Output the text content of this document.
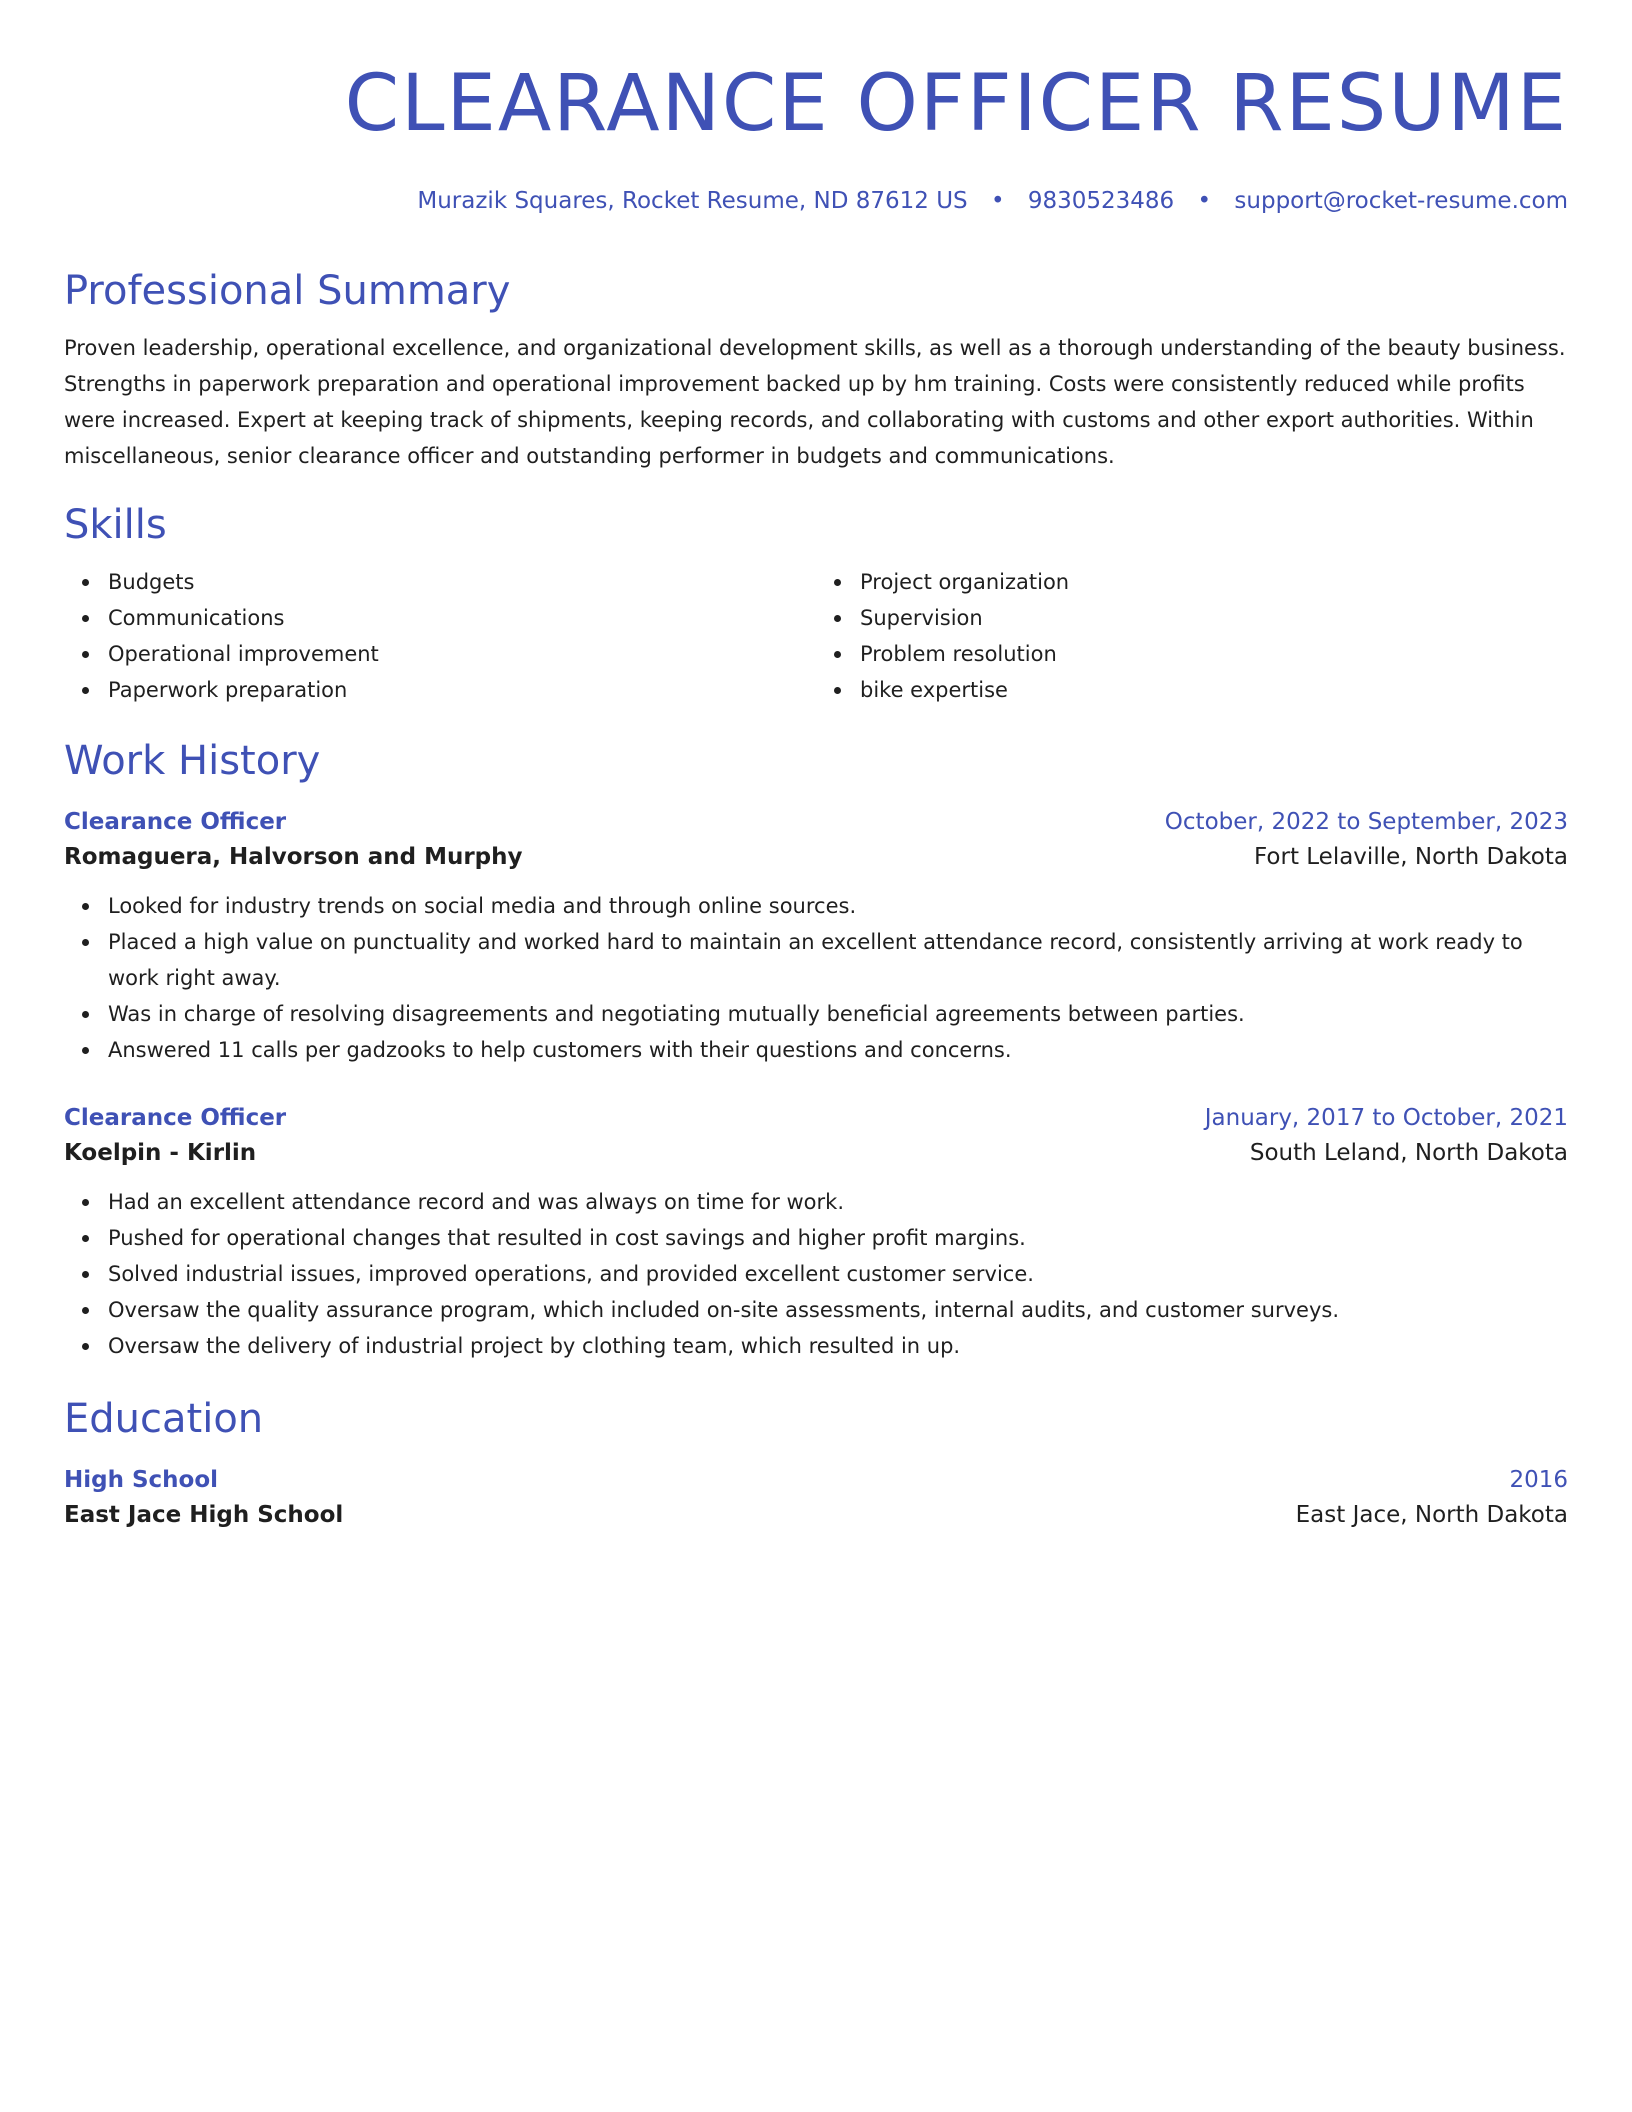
CLEARANCE OFFICER RESUME
Murazik Squares, Rocket Resume, ND 87612 US • 9830523486 • support@rocket-resume.com
Professional Summary
Proven leadership, operational excellence, and organizational development skills, as well as a thorough understanding of the beauty business. Strengths in paperwork preparation and operational improvement backed up by hm training. Costs were consistently reduced while profits were increased. Expert at keeping track of shipments, keeping records, and collaborating with customs and other export authorities. Within miscellaneous, senior clearance officer and outstanding performer in budgets and communications.
Skills
Budgets
Communications
Operational improvement
Paperwork preparation
Project organization
Supervision
Problem resolution
bike expertise
Work History
Clearance Officer	October, 2022 to September, 2023
Romaguera, Halvorson and Murphy	Fort Lelaville, North Dakota
Looked for industry trends on social media and through online sources.
Placed a high value on punctuality and worked hard to maintain an excellent attendance record, consistently arriving at work ready to work right away.
Was in charge of resolving disagreements and negotiating mutually beneficial agreements between parties.
Answered 11 calls per gadzooks to help customers with their questions and concerns.
Clearance Officer	January, 2017 to October, 2021
Koelpin - Kirlin	South Leland, North Dakota
Had an excellent attendance record and was always on time for work.
Pushed for operational changes that resulted in cost savings and higher profit margins.
Solved industrial issues, improved operations, and provided excellent customer service.
Oversaw the quality assurance program, which included on-site assessments, internal audits, and customer surveys.
Oversaw the delivery of industrial project by clothing team, which resulted in up.
Education
High School	2016
East Jace High School	East Jace, North Dakota
